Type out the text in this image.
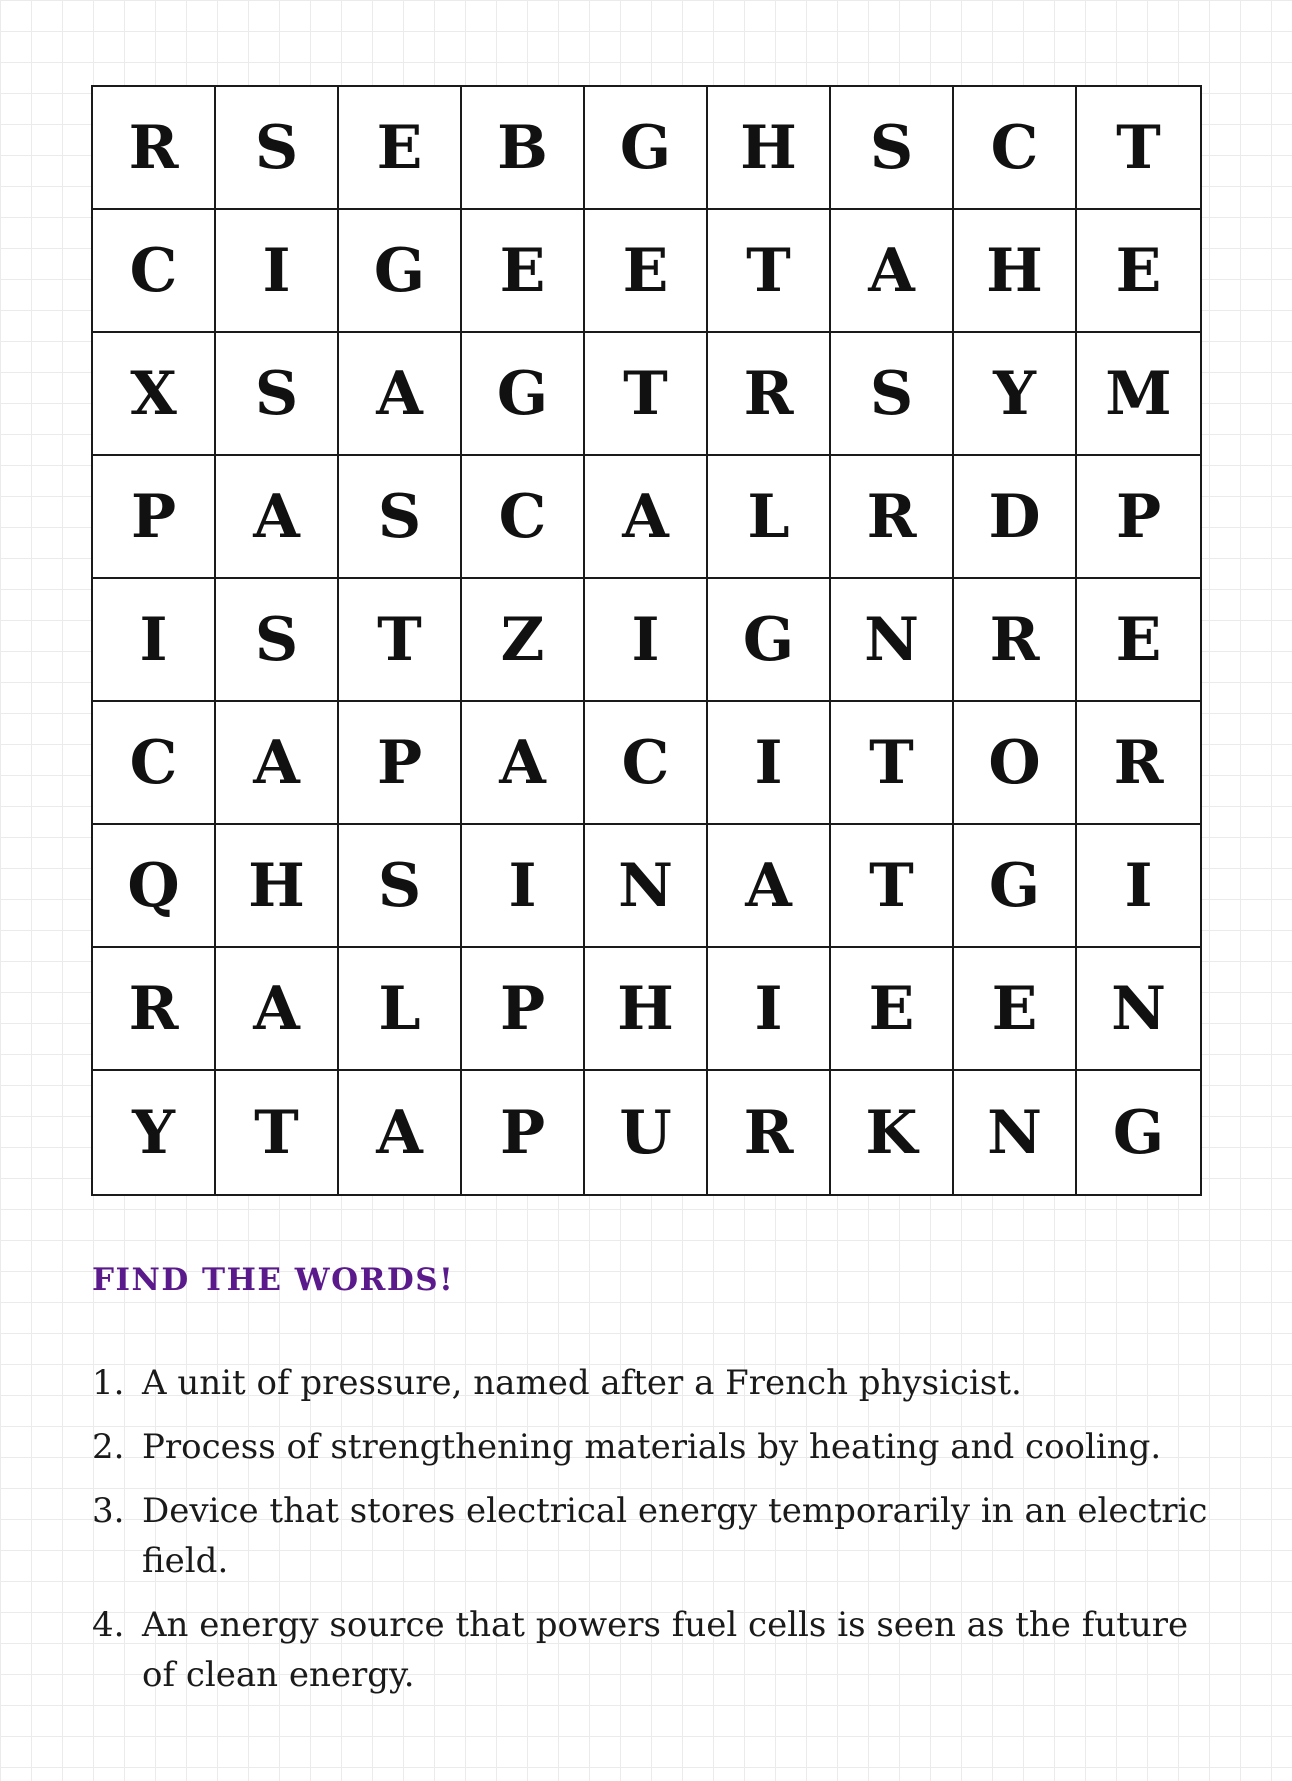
R	S	E	B	G	H	S	C	T
C	I	G	E	E	T	A	H	E
X	S	A	G	T	R	S	Y	M
P	A	S	C	A	L	R	D	P
I	S	T	Z	I	G	N	R	E
C	A	P	A	C	I	T	O	R
Q	H	S	I	N	A	T	G	I
R	A	L	P	H	I	E	E	N
Y	T	A	P	U	R	K	N	G
FIND THE WORDS!
1. A unit of pressure, named after a French physicist.
2. Process of strengthening materials by heating and cooling.
3. Device that stores electrical energy temporarily in an electric field.
4. An energy source that powers fuel cells is seen as the future of clean energy.
